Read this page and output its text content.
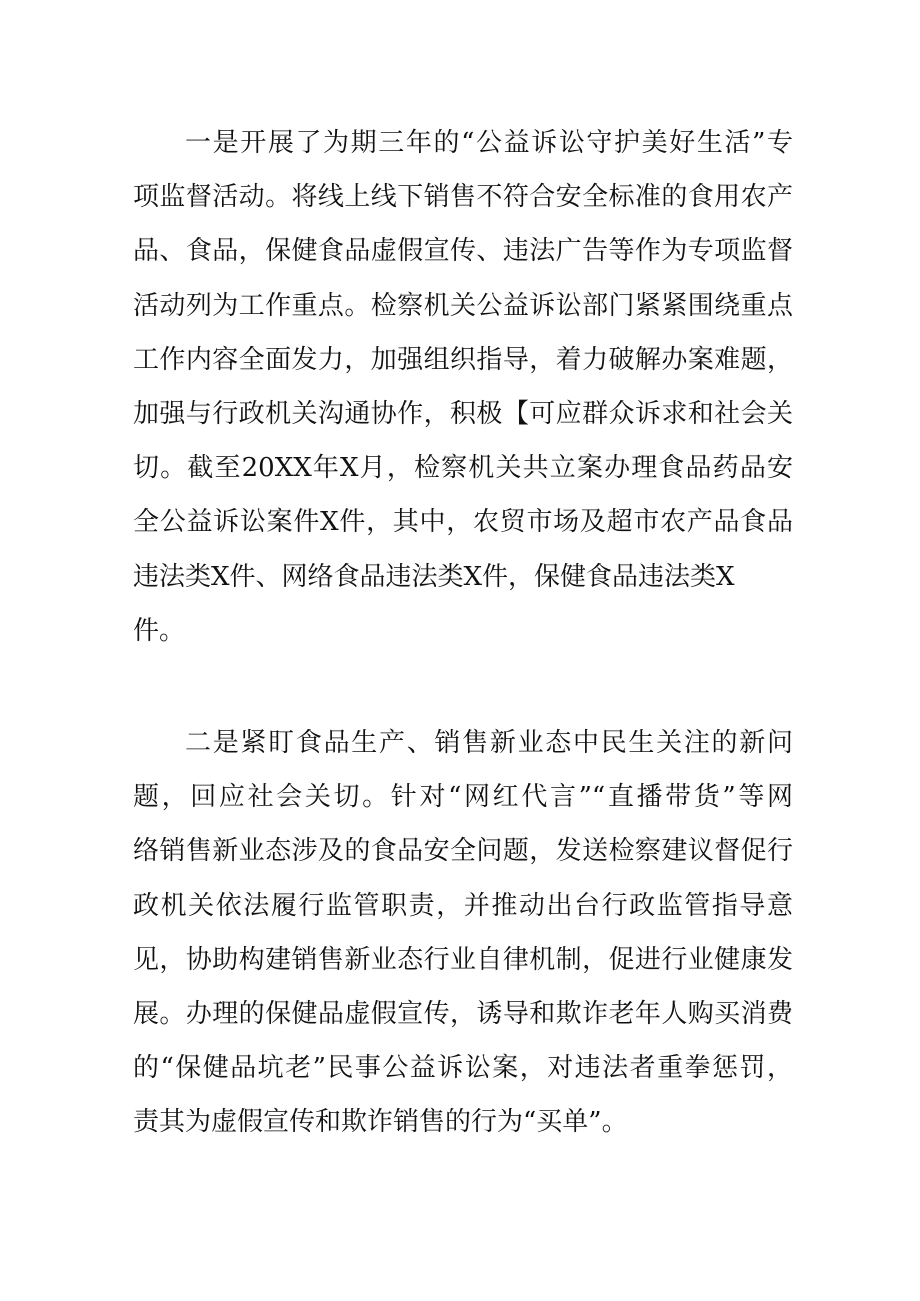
一是开展了为期三年的“公益诉讼守护美好生活”专
项监督活动。将线上线下销售不符合安全标准的食用农产
品、食品，保健食品虚假宣传、违法广告等作为专项监督
活动列为工作重点。检察机关公益诉讼部门紧紧围绕重点
工作内容全面发力，加强组织指导，着力破解办案难题，
加强与行政机关沟通协作，积极【可应群众诉求和社会关
切。截至20XX年X月，检察机关共立案办理食品药品安
全公益诉讼案件X件，其中，农贸市场及超市农产品食品
违法类X件、网络食品违法类X件，保健食品违法类X
件。
二是紧盯食品生产、销售新业态中民生关注的新问
题，回应社会关切。针对“网红代言”“直播带货”等网
络销售新业态涉及的食品安全问题，发送检察建议督促行
政机关依法履行监管职责，并推动出台行政监管指导意
见，协助构建销售新业态行业自律机制，促进行业健康发
展。办理的保健品虚假宣传，诱导和欺诈老年人购买消费
的“保健品坑老”民事公益诉讼案，对违法者重拳惩罚，
责其为虚假宣传和欺诈销售的行为“买单”。
